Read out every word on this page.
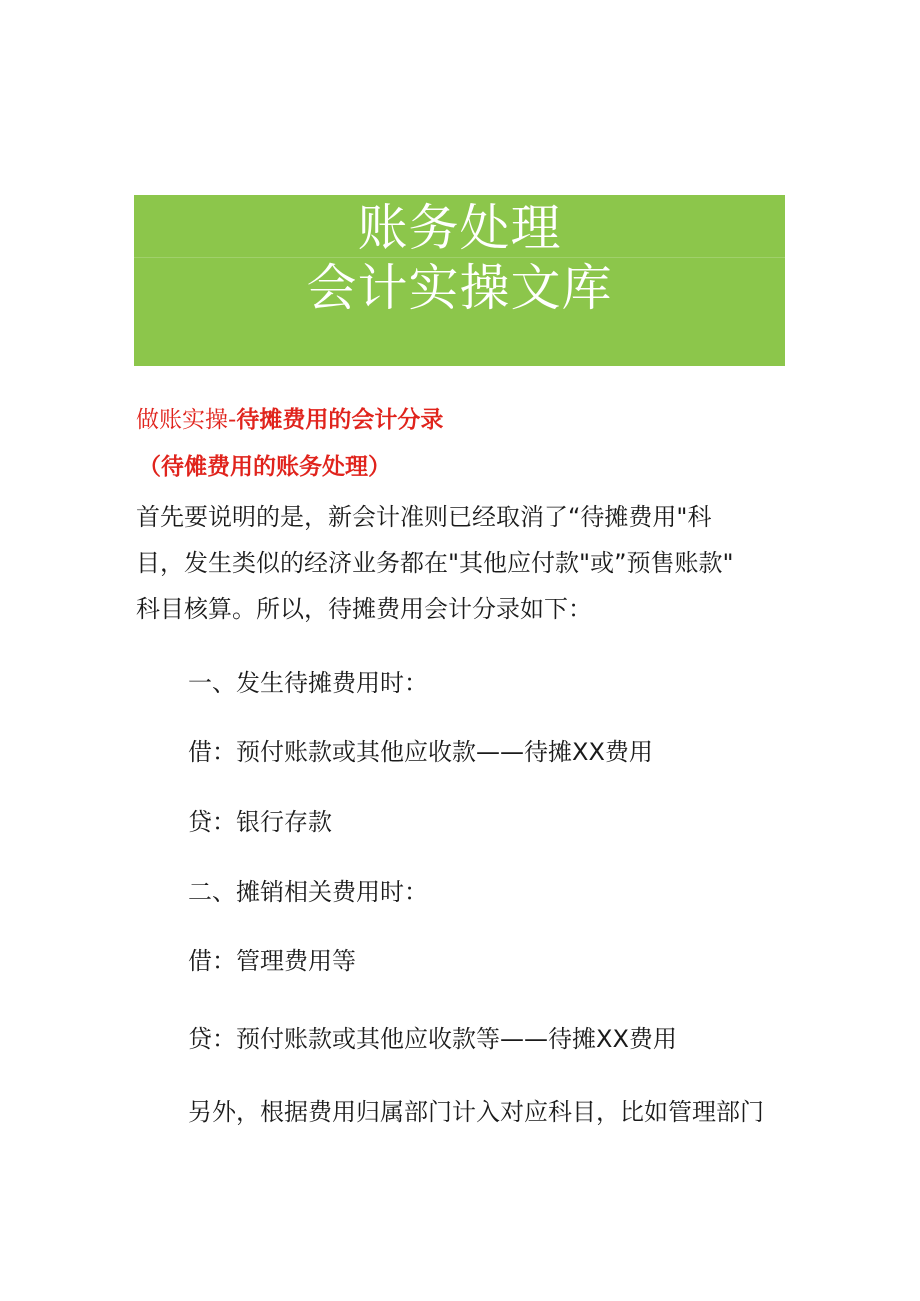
账务处理
会计实操文库
做账实操-待摊费用的会计分录
（待傩费用的账务处理）
首先要说明的是，新会计准则已经取消了“待摊费用"科
目，发生类似的经济业务都在"其他应付款"或”预售账款"
科目核算。所以，待摊费用会计分录如下：
一、发生待摊费用时：
借：预付账款或其他应收款——待摊XX费用
贷：银行存款
二、摊销相关费用时：
借：管理费用等
贷：预付账款或其他应收款等——待摊XX费用
另外，根据费用归属部门计入对应科目，比如管理部门
